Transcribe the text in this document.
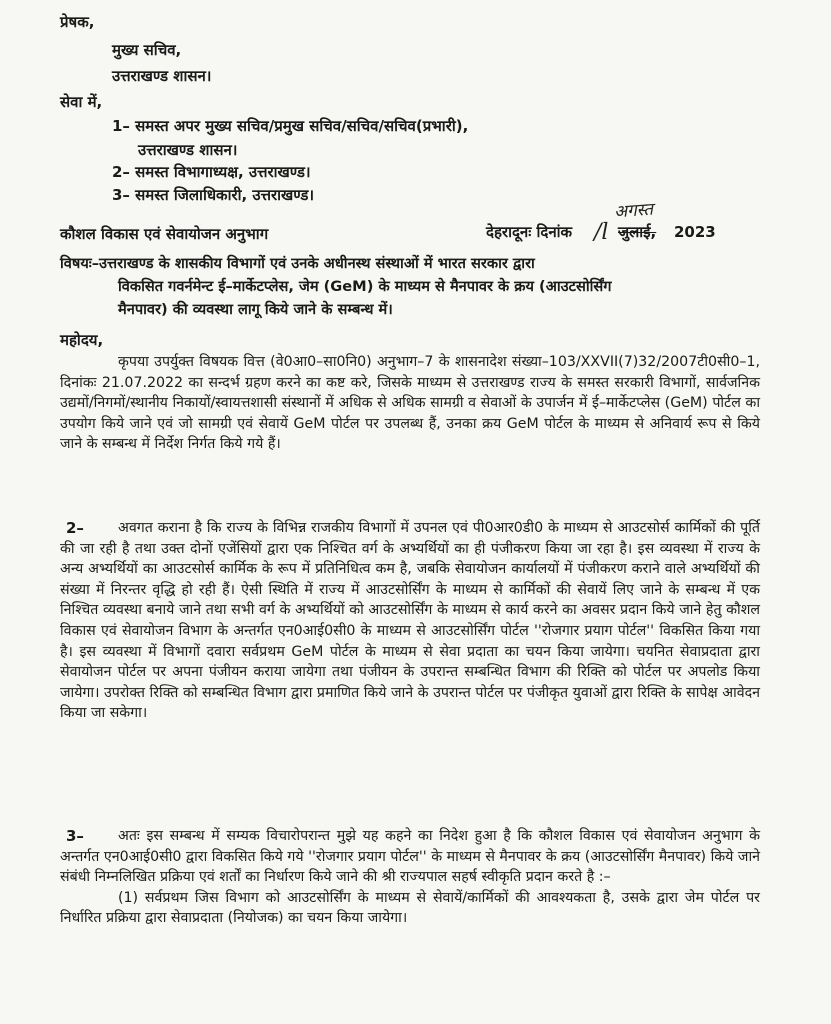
प्रेषक,
मुख्य सचिव,
उत्तराखण्ड शासन।
सेवा में,
1– समस्त अपर मुख्य सचिव/प्रमुख सचिव/सचिव/सचिव(प्रभारी),
उत्तराखण्ड शासन।
2– समस्त विभागाध्यक्ष, उत्तराखण्ड।
3– समस्त जिलाधिकारी, उत्तराखण्ड।
कौशल विकास एवं सेवायोजन अनुभाग	देहरादूनः दिनांक /l
अगस्त
जुलाई, 2023
विषयः–उत्तराखण्ड के शासकीय विभागों एवं उनके अधीनस्थ संस्थाओं में भारत सरकार द्वारा
विकसित गवर्नमेन्ट ई–मार्केटप्लेस, जेम (GeM) के माध्यम से मैनपावर के क्रय (आउटसोर्सिंग
मैनपावर) की व्यवस्था लागू किये जाने के सम्बन्ध में।
महोदय,

कृपया उपर्युक्त विषयक वित्त (वे0आ0–सा0नि0) अनुभाग–7 के शासनादेश संख्या–103/XXVII(7)32/2007टी0सी0–1, दिनांकः 21.07.2022 का सन्दर्भ ग्रहण करने का कष्ट करे, जिसके माध्यम से उत्तराखण्ड राज्य के समस्त सरकारी विभागों, सार्वजनिक उद्यमों/निगमों/स्थानीय निकायों/स्वायत्तशासी संस्थानों में अधिक से अधिक सामग्री व सेवाओं के उपार्जन में ई–मार्केटप्लेस (GeM) पोर्टल का उपयोग किये जाने एवं जो सामग्री एवं सेवायें GeM पोर्टल पर उपलब्ध हैं, उनका क्रय GeM पोर्टल के माध्यम से अनिवार्य रूप से किये जाने के सम्बन्ध में निर्देश निर्गत किये गये हैं।

2–	अवगत कराना है कि राज्य के विभिन्न राजकीय विभागों में उपनल एवं पी0आर0डी0 के माध्यम से आउटसोर्स कार्मिकों की पूर्ति की जा रही है तथा उक्त दोनों एजेंसियों द्वारा एक निश्चित वर्ग के अभ्यर्थियों का ही पंजीकरण किया जा रहा है। इस व्यवस्था में राज्य के अन्य अभ्यर्थियों का आउटसोर्स कार्मिक के रूप में प्रतिनिधित्व कम है, जबकि सेवायोजन कार्यालयों में पंजीकरण कराने वाले अभ्यर्थियों की संख्या में निरन्तर वृद्धि हो रही हैं। ऐसी स्थिति में राज्य में आउटसोर्सिंग के माध्यम से कार्मिकों की सेवायें लिए जाने के सम्बन्ध में एक निश्चित व्यवस्था बनाये जाने तथा सभी वर्ग के अभ्यर्थियों को आउटसोर्सिंग के माध्यम से कार्य करने का अवसर प्रदान किये जाने हेतु कौशल विकास एवं सेवायोजन विभाग के अन्तर्गत एन0आई0सी0 के माध्यम से आउटसोर्सिंग पोर्टल ''रोजगार प्रयाग पोर्टल'' विकसित किया गया है। इस व्यवस्था में विभागों दवारा सर्वप्रथम GeM पोर्टल के माध्यम से सेवा प्रदाता का चयन किया जायेगा। चयनित सेवाप्रदाता द्वारा सेवायोजन पोर्टल पर अपना पंजीयन कराया जायेगा तथा पंजीयन के उपरान्त सम्बन्धित विभाग की रिक्ति को पोर्टल पर अपलोड किया जायेगा। उपरोक्त रिक्ति को सम्बन्धित विभाग द्वारा प्रमाणित किये जाने के उपरान्त पोर्टल पर पंजीकृत युवाओं द्वारा रिक्ति के सापेक्ष आवेदन किया जा सकेगा।

3–	अतः इस सम्बन्ध में सम्यक विचारोपरान्त मुझे यह कहने का निदेश हुआ है कि कौशल विकास एवं सेवायोजन अनुभाग के अन्तर्गत एन0आई0सी0 द्वारा विकसित किये गये ''रोजगार प्रयाग पोर्टल'' के माध्यम से मैनपावर के क्रय (आउटसोर्सिंग मैनपावर) किये जाने संबंधी निम्नलिखित प्रक्रिया एवं शर्तों का निर्धारण किये जाने की श्री राज्यपाल सहर्ष स्वीकृति प्रदान करते है :–

(1) सर्वप्रथम जिस विभाग को आउटसोर्सिंग के माध्यम से सेवायें/कार्मिकों की आवश्यकता है, उसके द्वारा जेम पोर्टल पर निर्धारित प्रक्रिया द्वारा सेवाप्रदाता (नियोजक) का चयन किया जायेगा।
